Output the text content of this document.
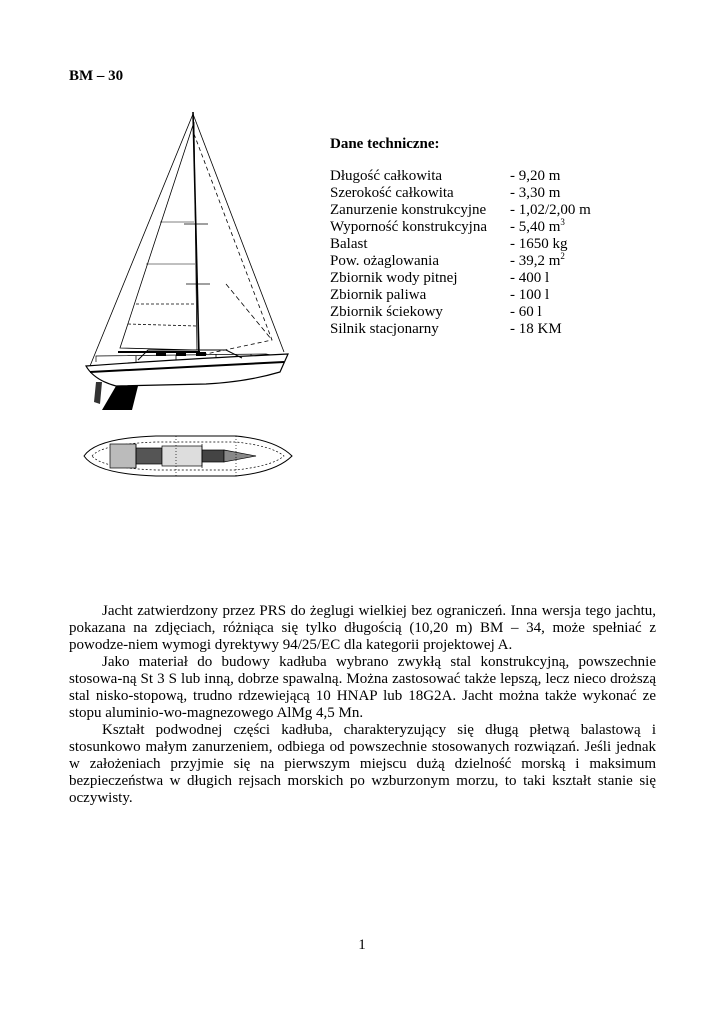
BM – 30
Dane techniczne:
Długość całkowita	- 9,20 m
Szerokość całkowita	- 3,30 m
Zanurzenie konstrukcyjne	- 1,02/2,00 m
Wyporność konstrukcyjna	- 5,40 $m^3$
Balast	- 1650 kg
Pow. ożaglowania	- 39,2 $m^2$
Zbiornik wody pitnej	- 400 l
Zbiornik paliwa	- 100 l
Zbiornik ściekowy	- 60 l
Silnik stacjonarny	- 18 KM

Jacht zatwierdzony przez PRS do żeglugi wielkiej bez ograniczeń. Inna wersja tego jachtu, pokazana na zdjęciach, różniąca się tylko długością (10,20 m) BM – 34, może spełniać z powodze-niem wymogi dyrektywy 94/25/EC dla kategorii projektowej A.

Jako materiał do budowy kadłuba wybrano zwykłą stal konstrukcyjną, powszechnie stosowa-ną St 3 S lub inną, dobrze spawalną. Można zastosować także lepszą, lecz nieco droższą stal nisko-stopową, trudno rdzewiejącą 10 HNAP lub 18G2A. Jacht można także wykonać ze stopu aluminio-wo-magnezowego AlMg 4,5 Mn.

Kształt podwodnej części kadłuba, charakteryzujący się długą płetwą balastową i stosunkowo małym zanurzeniem, odbiega od powszechnie stosowanych rozwiązań. Jeśli jednak w założeniach przyjmie się na pierwszym miejscu dużą dzielność morską i maksimum bezpieczeństwa w długich rejsach morskich po wzburzonym morzu, to taki kształt stanie się oczywisty.

1
